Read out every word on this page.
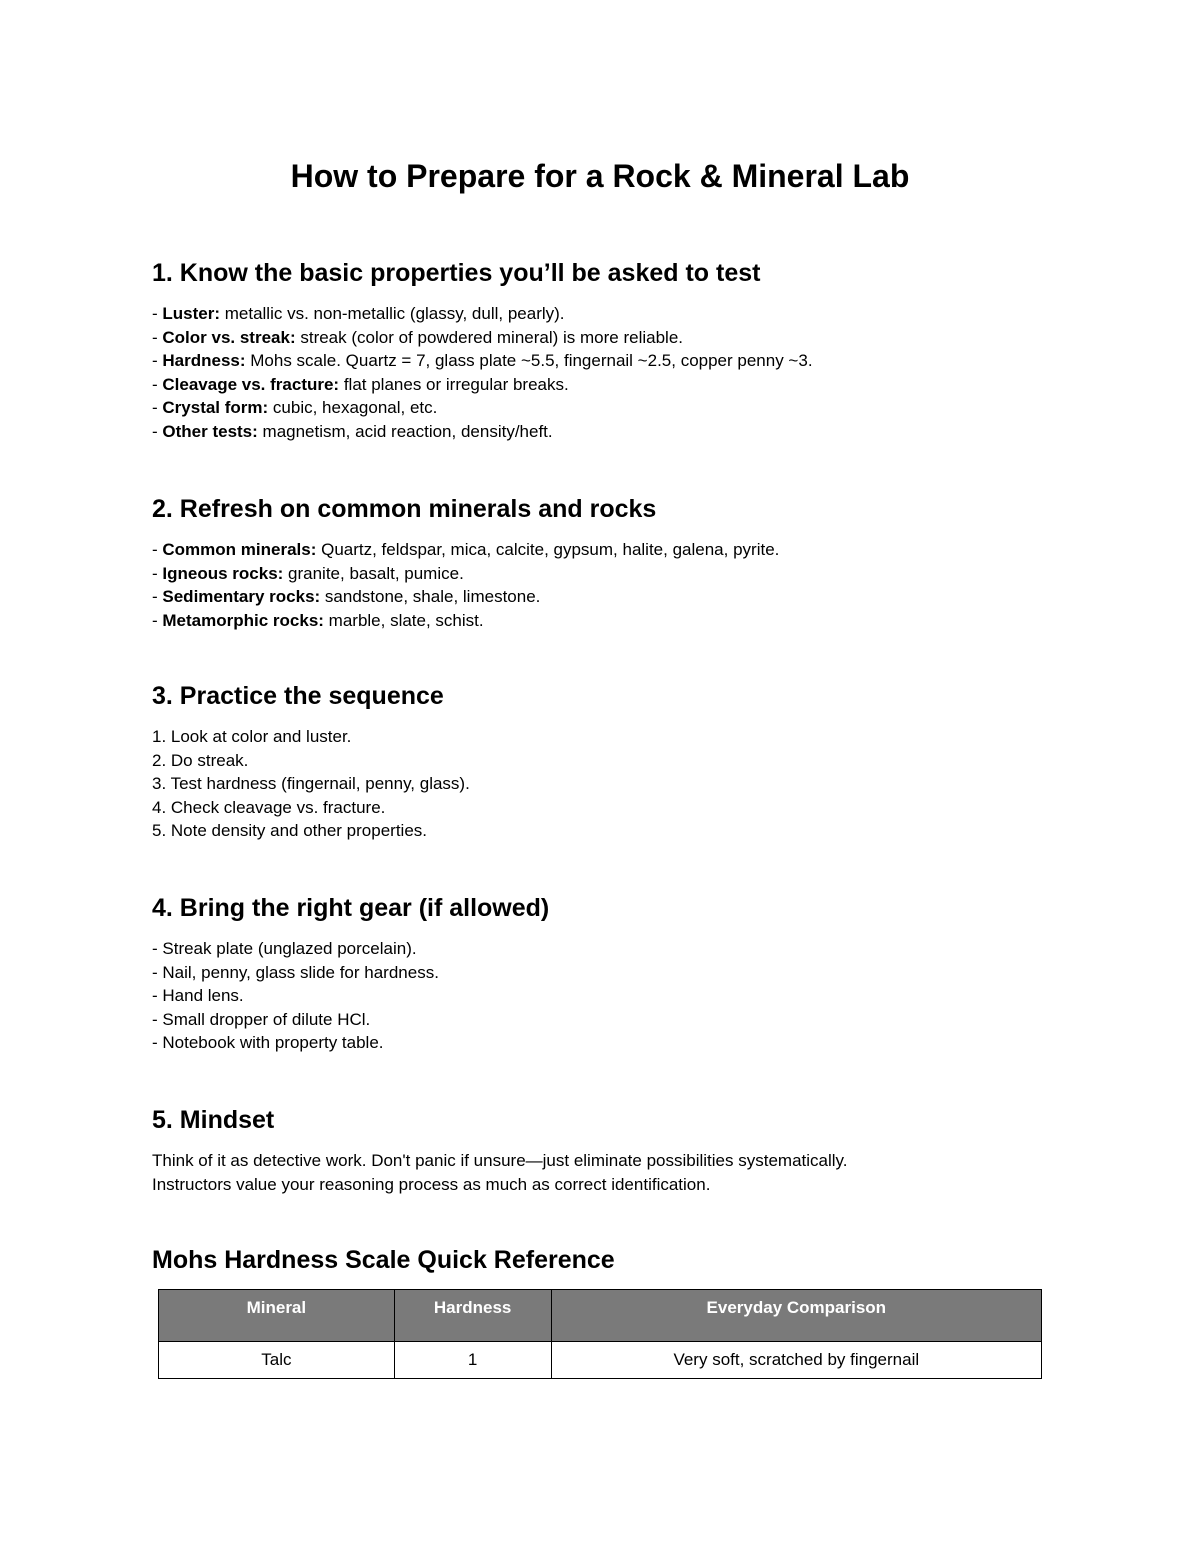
How to Prepare for a Rock & Mineral Lab
1. Know the basic properties you’ll be asked to test
- Luster: metallic vs. non-metallic (glassy, dull, pearly).
- Color vs. streak: streak (color of powdered mineral) is more reliable.
- Hardness: Mohs scale. Quartz = 7, glass plate ~5.5, fingernail ~2.5, copper penny ~3.
- Cleavage vs. fracture: flat planes or irregular breaks.
- Crystal form: cubic, hexagonal, etc.
- Other tests: magnetism, acid reaction, density/heft.
2. Refresh on common minerals and rocks
- Common minerals: Quartz, feldspar, mica, calcite, gypsum, halite, galena, pyrite.
- Igneous rocks: granite, basalt, pumice.
- Sedimentary rocks: sandstone, shale, limestone.
- Metamorphic rocks: marble, slate, schist.
3. Practice the sequence
1. Look at color and luster.
2. Do streak.
3. Test hardness (fingernail, penny, glass).
4. Check cleavage vs. fracture.
5. Note density and other properties.
4. Bring the right gear (if allowed)
- Streak plate (unglazed porcelain).
- Nail, penny, glass slide for hardness.
- Hand lens.
- Small dropper of dilute HCl.
- Notebook with property table.
5. Mindset
Think of it as detective work. Don't panic if unsure—just eliminate possibilities systematically.
Instructors value your reasoning process as much as correct identification.
Mohs Hardness Scale Quick Reference
Mineral	Hardness	Everyday Comparison
Talc	1	Very soft, scratched by fingernail
